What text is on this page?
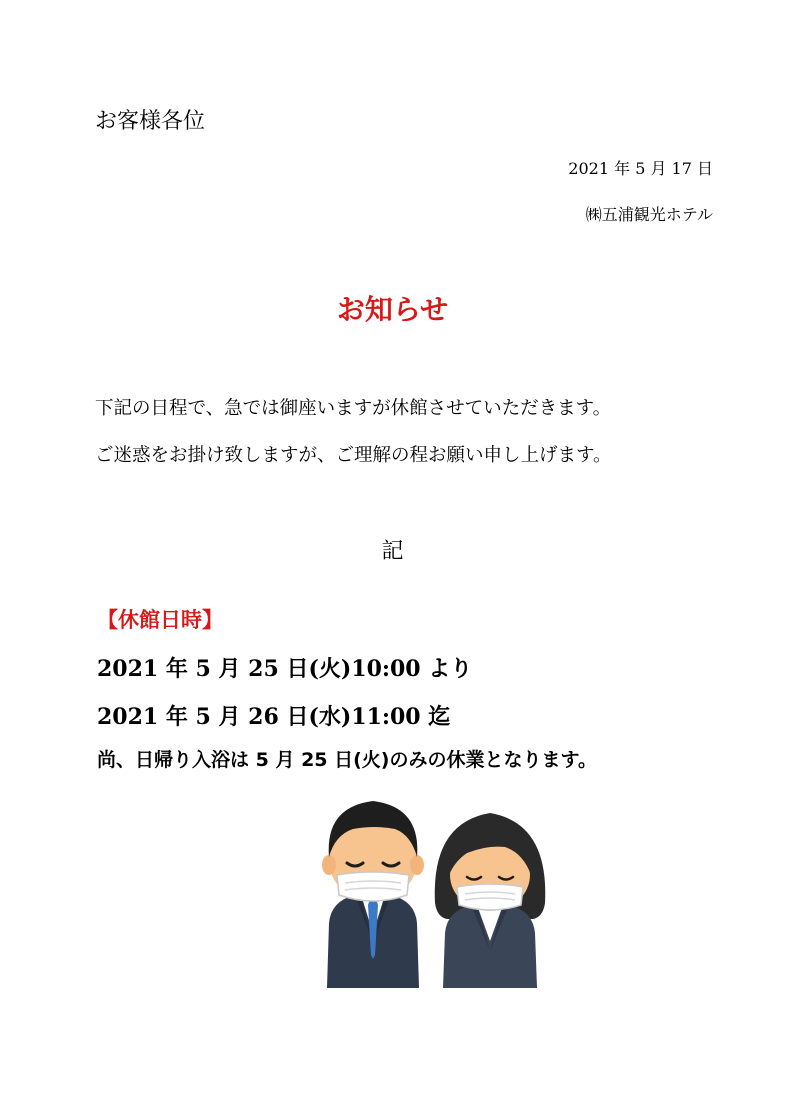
お客様各位
2021 年 5 月 17 日
㈱五浦観光ホテル
お知らせ
下記の日程で、急では御座いますが休館させていただきます。
ご迷惑をお掛け致しますが、ご理解の程お願い申し上げます。
記
【休館日時】
2021 年 5 月 25 日(火)10:00 より
2021 年 5 月 26 日(水)11:00 迄
尚、日帰り入浴は 5 月 25 日(火)のみの休業となります。
